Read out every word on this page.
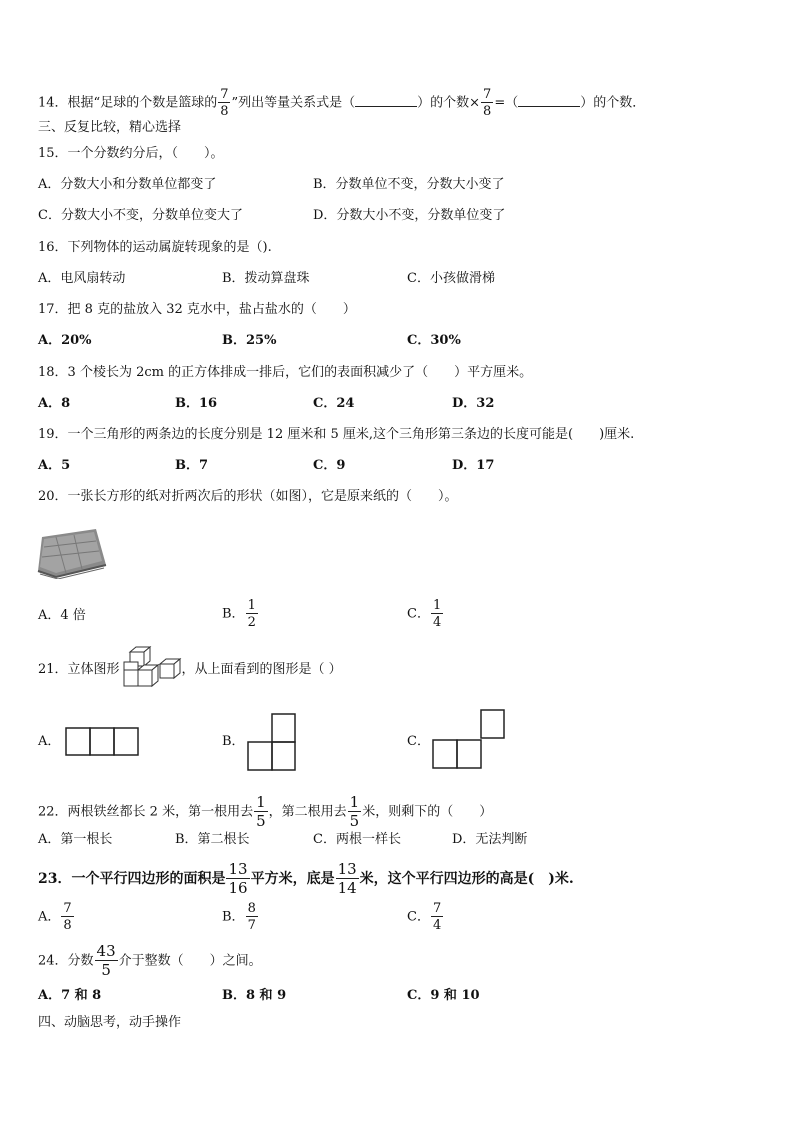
14．根据“足球的个数是篮球的 $\frac{7}{8}$ ”列出等量关系式是（	）的个数× $\frac{7}{8}$ =（	）的个数．
三、反复比较，精心选择
15．一个分数约分后，（　　）。
A．分数大小和分数单位都变了	B．分数单位不变，分数大小变了
C．分数大小不变，分数单位变大了	D．分数大小不变，分数单位变了
16．下列物体的运动属旋转现象的是（).
A．电风扇转动	B．拨动算盘珠	C．小孩做滑梯
17．把 8 克的盐放入 32 克水中，盐占盐水的（　　）
A．20%	B．25%	C．30%
18．3 个棱长为 2cm 的正方体排成一排后，它们的表面积减少了（　　）平方厘米。
A．8	B．16	C．24	D．32
19．一个三角形的两条边的长度分别是 12 厘米和 5 厘米,这个三角形第三条边的长度可能是(　　)厘米.
A．5	B．7	C．9	D．17
20．一张长方形的纸对折两次后的形状（如图），它是原来纸的（　　）。
A．4 倍	B． $\frac{1}{2}$	C． $\frac{1}{4}$
21．立体图形	，从上面看到的图形是（ ）
A．	B．	C．
22．两根铁丝都长 2 米，第一根用去 $\frac{1}{5}$ ，第二根用去 $\frac{1}{5}$ 米，则剩下的（　　）
A．第一根长	B．第二根长	C．两根一样长	D．无法判断
23．一个平行四边形的面积是 $\frac{13}{16}$ 平方米，底是 $\frac{13}{14}$ 米，这个平行四边形的高是(　)米.
A． $\frac{7}{8}$	B． $\frac{8}{7}$	C． $\frac{7}{4}$
24．分数 $\frac{43}{5}$ 介于整数（　　）之间。
A．7 和 8	B．8 和 9	C．9 和 10
四、动脑思考，动手操作
